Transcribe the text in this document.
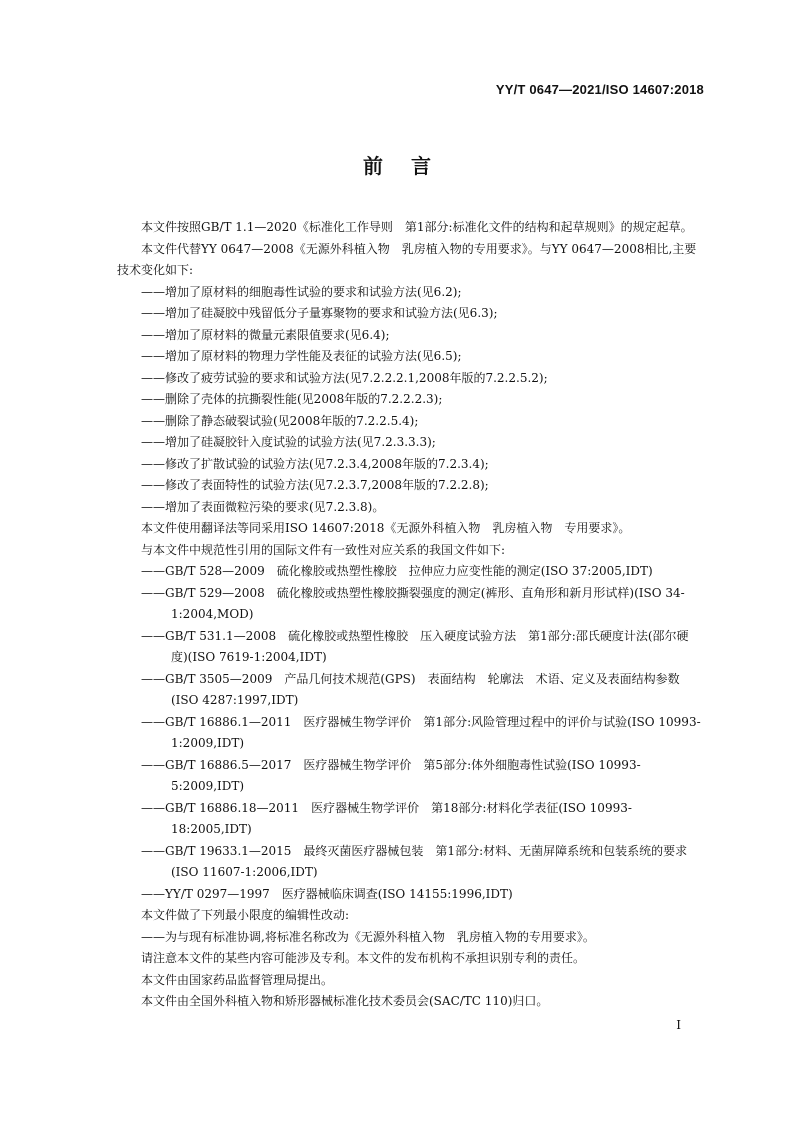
YY/T 0647—2021/ISO 14607:2018
前言

本文件按照GB/T 1.1—2020《标准化工作导则　第1部分:标准化文件的结构和起草规则》的规定起草。

本文件代替YY 0647—2008《无源外科植入物　乳房植入物的专用要求》。与YY 0647—2008相比,主要技术变化如下:

——增加了原材料的细胞毒性试验的要求和试验方法(见6.2);

——增加了硅凝胶中残留低分子量寡聚物的要求和试验方法(见6.3);

——增加了原材料的微量元素限值要求(见6.4);

——增加了原材料的物理力学性能及表征的试验方法(见6.5);

——修改了疲劳试验的要求和试验方法(见7.2.2.2.1,2008年版的7.2.2.5.2);

——删除了壳体的抗撕裂性能(见2008年版的7.2.2.2.3);

——删除了静态破裂试验(见2008年版的7.2.2.5.4);

——增加了硅凝胶针入度试验的试验方法(见7.2.3.3.3);

——修改了扩散试验的试验方法(见7.2.3.4,2008年版的7.2.3.4);

——修改了表面特性的试验方法(见7.2.3.7,2008年版的7.2.2.8);

——增加了表面微粒污染的要求(见7.2.3.8)。

本文件使用翻译法等同采用ISO 14607:2018《无源外科植入物　乳房植入物　专用要求》。

与本文件中规范性引用的国际文件有一致性对应关系的我国文件如下:

——GB/T 528—2009　硫化橡胶或热塑性橡胶　拉伸应力应变性能的测定(ISO 37:2005,IDT)

——GB/T 529—2008　硫化橡胶或热塑性橡胶撕裂强度的测定(裤形、直角形和新月形试样)(ISO 34-1:2004,MOD)

——GB/T 531.1—2008　硫化橡胶或热塑性橡胶　压入硬度试验方法　第1部分:邵氏硬度计法(邵尔硬度)(ISO 7619-1:2004,IDT)

——GB/T 3505—2009　产品几何技术规范(GPS)　表面结构　轮廓法　术语、定义及表面结构参数(ISO 4287:1997,IDT)

——GB/T 16886.1—2011　医疗器械生物学评价　第1部分:风险管理过程中的评价与试验(ISO 10993-1:2009,IDT)

——GB/T 16886.5—2017　医疗器械生物学评价　第5部分:体外细胞毒性试验(ISO 10993-5:2009,IDT)

——GB/T 16886.18—2011　医疗器械生物学评价　第18部分:材料化学表征(ISO 10993-18:2005,IDT)

——GB/T 19633.1—2015　最终灭菌医疗器械包装　第1部分:材料、无菌屏障系统和包装系统的要求(ISO 11607-1:2006,IDT)

——YY/T 0297—1997　医疗器械临床调查(ISO 14155:1996,IDT)

本文件做了下列最小限度的编辑性改动:

——为与现有标准协调,将标准名称改为《无源外科植入物　乳房植入物的专用要求》。

请注意本文件的某些内容可能涉及专利。本文件的发布机构不承担识别专利的责任。

本文件由国家药品监督管理局提出。

本文件由全国外科植入物和矫形器械标准化技术委员会(SAC/TC 110)归口。

I
